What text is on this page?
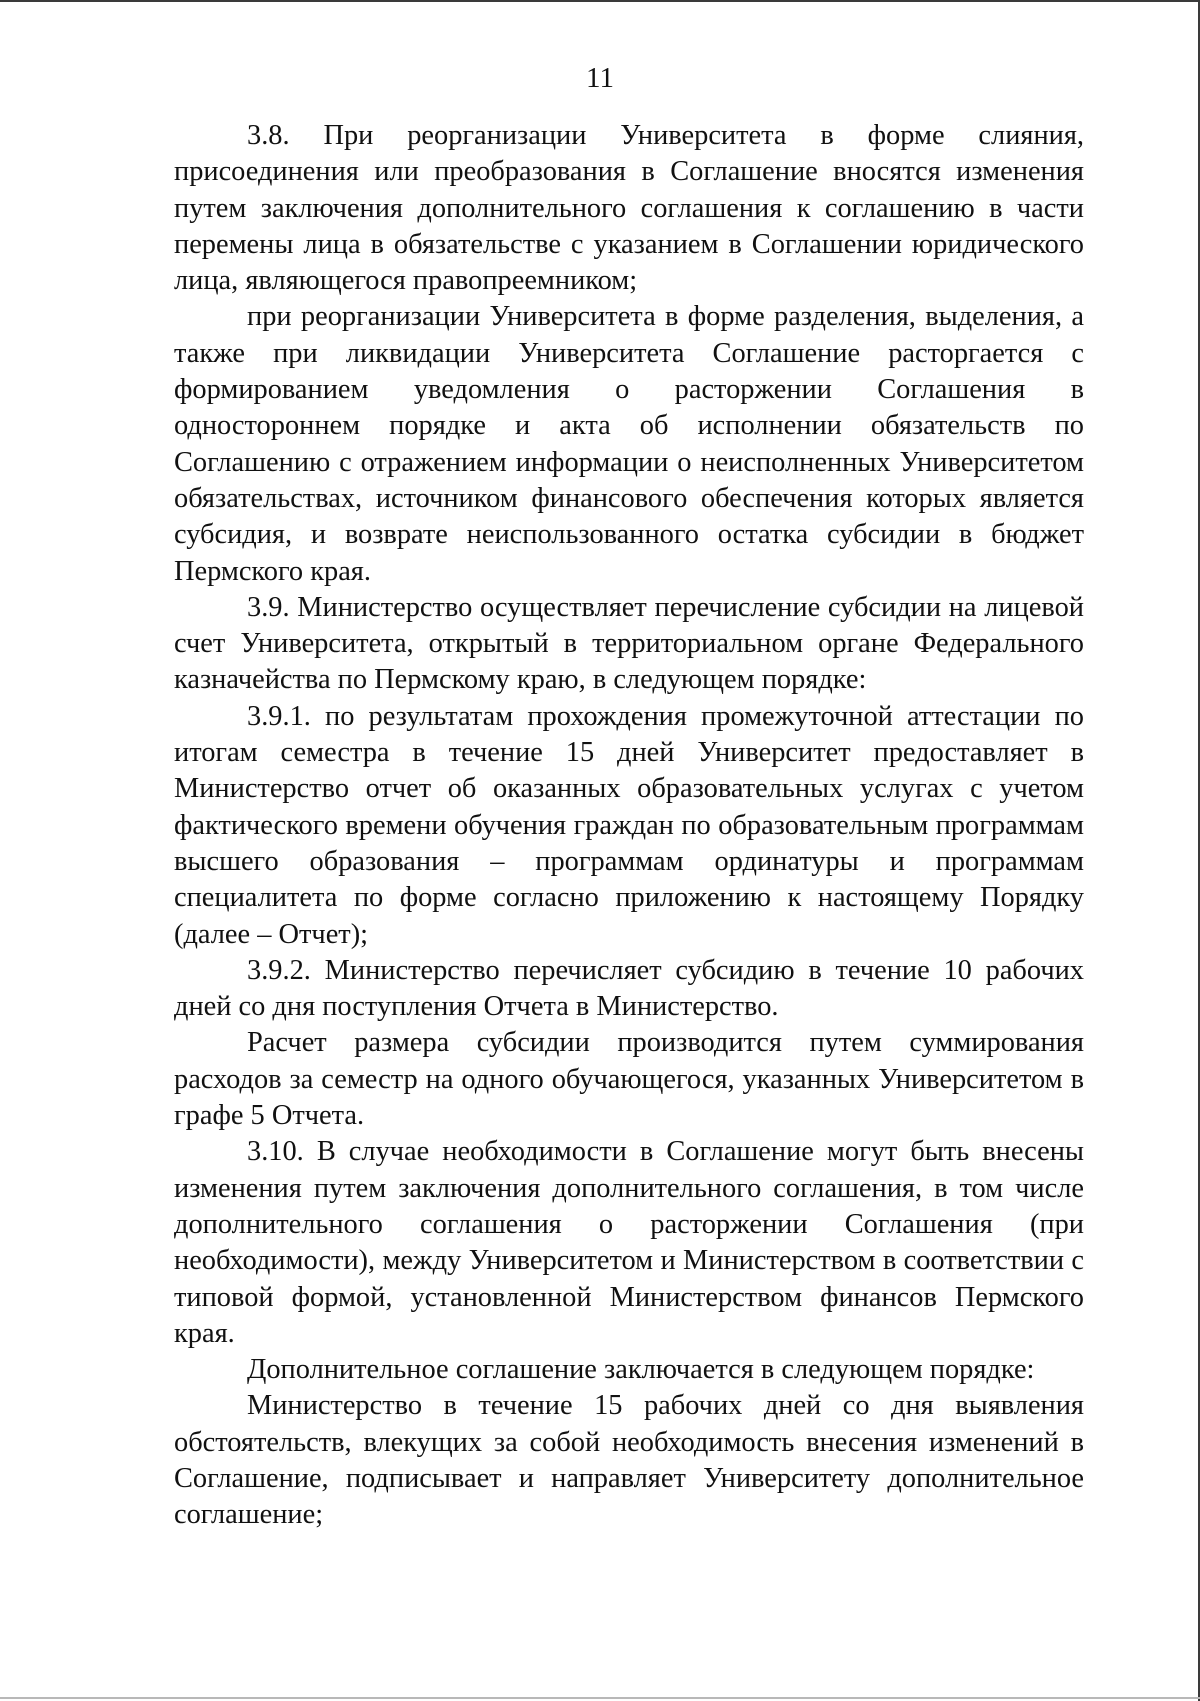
11

3.8. При реорганизации Университета в форме слияния, присоединения или преобразования в Соглашение вносятся изменения путем заключения дополнительного соглашения к соглашению в части перемены лица в обязательстве с указанием в Соглашении юридического лица, являющегося правопреемником;

при реорганизации Университета в форме разделения, выделения, а также при ликвидации Университета Соглашение расторгается с формированием уведомления о расторжении Соглашения в одностороннем порядке и акта об исполнении обязательств по Соглашению с отражением информации о неисполненных Университетом обязательствах, источником финансового обеспечения которых является субсидия, и возврате неиспользованного остатка субсидии в бюджет Пермского края.

3.9. Министерство осуществляет перечисление субсидии на лицевой счет Университета, открытый в территориальном органе Федерального казначейства по Пермскому краю, в следующем порядке:

3.9.1. по результатам прохождения промежуточной аттестации по итогам семестра в течение 15 дней Университет предоставляет в Министерство отчет об оказанных образовательных услугах с учетом фактического времени обучения граждан по образовательным программам высшего образования – программам ординатуры и программам специалитета по форме согласно приложению к настоящему Порядку (далее – Отчет);

3.9.2. Министерство перечисляет субсидию в течение 10 рабочих дней со дня поступления Отчета в Министерство.

Расчет размера субсидии производится путем суммирования расходов за семестр на одного обучающегося, указанных Университетом в графе 5 Отчета.

3.10. В случае необходимости в Соглашение могут быть внесены изменения путем заключения дополнительного соглашения, в том числе дополнительного соглашения о расторжении Соглашения (при необходимости), между Университетом и Министерством в соответствии с типовой формой, установленной Министерством финансов Пермского края.

Дополнительное соглашение заключается в следующем порядке:

Министерство в течение 15 рабочих дней со дня выявления обстоятельств, влекущих за собой необходимость внесения изменений в Соглашение, подписывает и направляет Университету дополнительное соглашение;
